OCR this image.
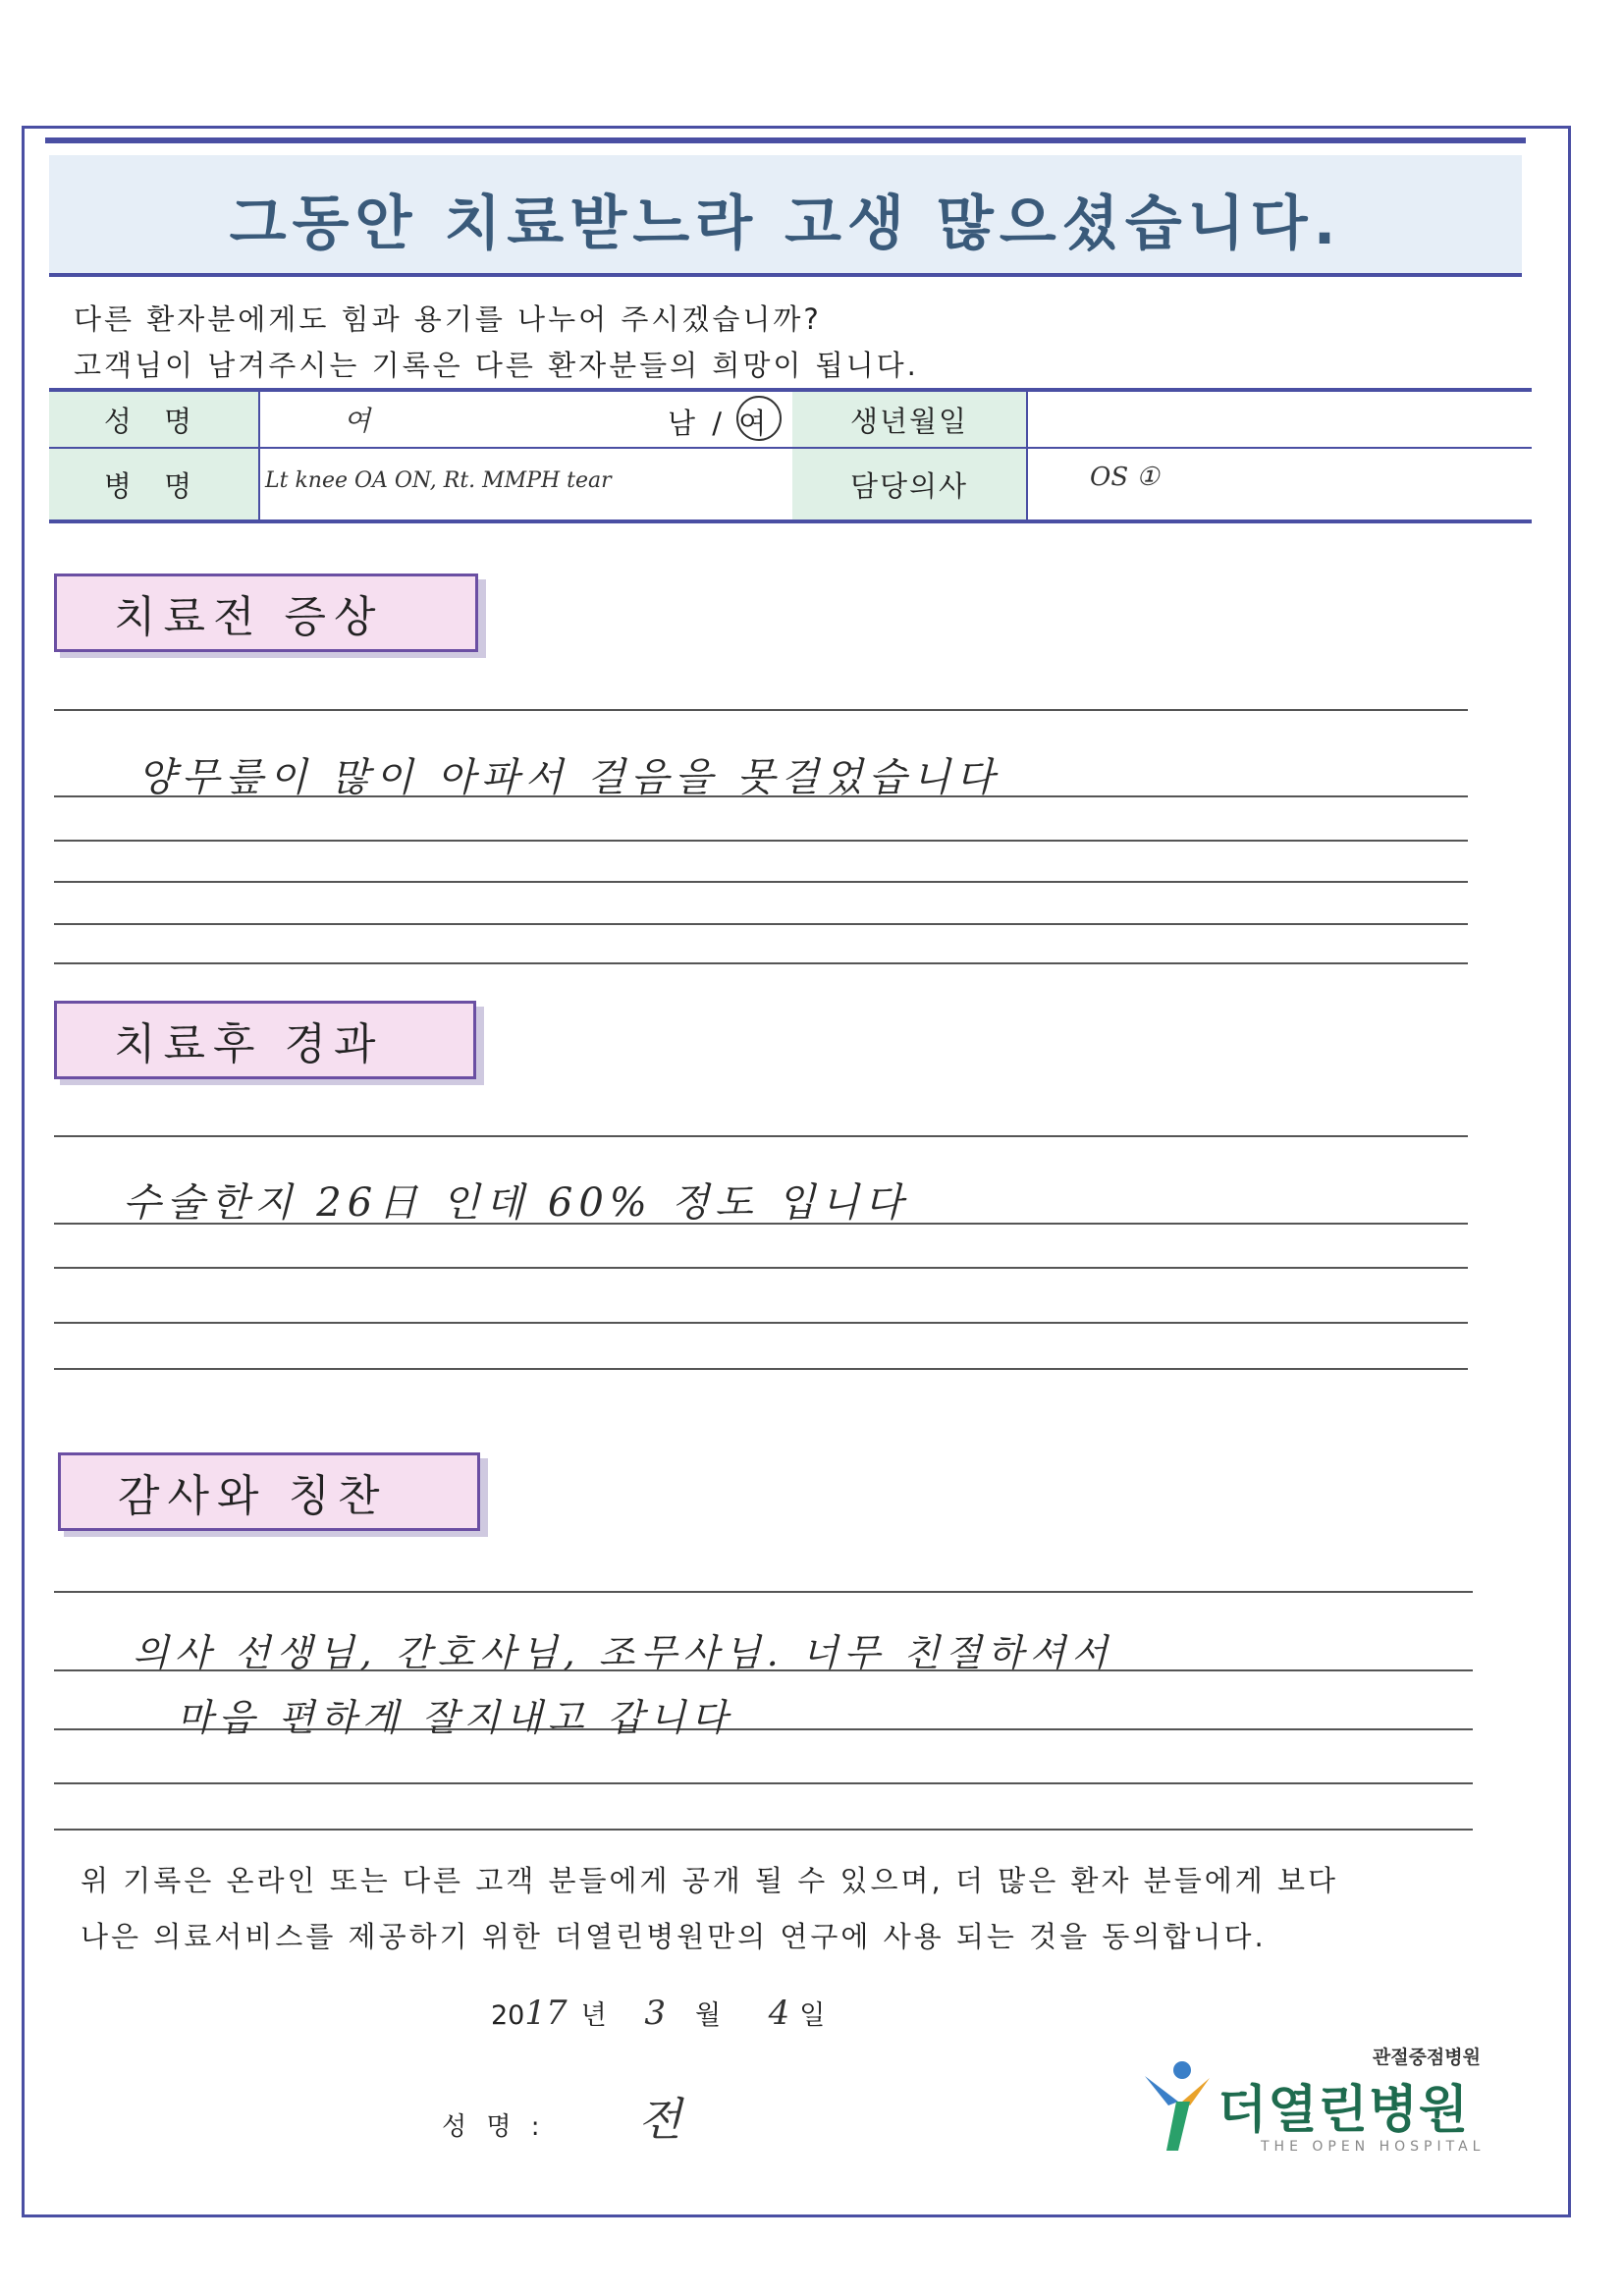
그동안 치료받느라 고생 많으셨습니다.
다른 환자분에게도 힘과 용기를 나누어 주시겠습니까?
고객님이 남겨주시는 기록은 다른 환자분들의 희망이 됩니다.
성 명	여	남 / 여	생년월일
병 명	Lt knee OA ON, Rt. MMPH tear	담당의사	OS ①
치료전 증상
양무릎이 많이 아파서 걸음을 못걸었습니다
치료후 경과
수술한지 26日 인데 60% 정도 입니다
감사와 칭찬
의사 선생님, 간호사님, 조무사님. 너무 친절하셔서
마음 편하게 잘지내고 갑니다
위 기록은 온라인 또는 다른 고객 분들에게 공개 될 수 있으며, 더 많은 환자 분들에게 보다
나은 의료서비스를 제공하기 위한 더열린병원만의 연구에 사용 되는 것을 동의합니다.
2017 년 3 월 4 일
성 명 : 전
관절중점병원
더열린병원
THE OPEN HOSPITAL
